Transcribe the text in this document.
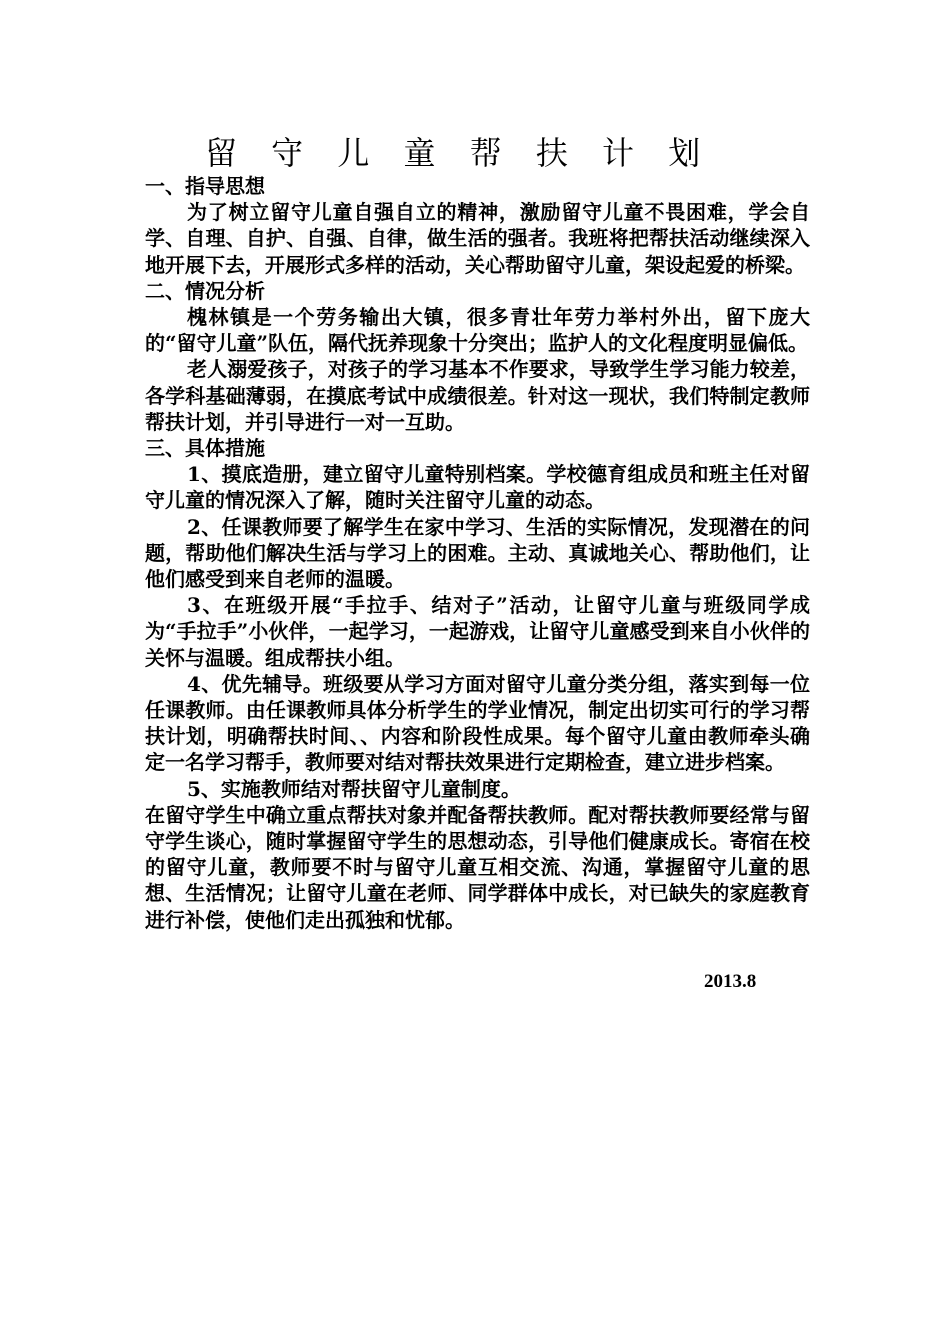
留 守 儿 童 帮 扶 计 划

一、指导思想

为了树立留守儿童自强自立的精神，激励留守儿童不畏困难，学会自学、自理、自护、自强、自律，做生活的强者。我班将把帮扶活动继续深入地开展下去，开展形式多样的活动，关心帮助留守儿童，架设起爱的桥梁。

二、情况分析

槐林镇是一个劳务输出大镇，很多青壮年劳力举村外出，留下庞大的“留守儿童”队伍，隔代抚养现象十分突出；监护人的文化程度明显偏低。

老人溺爱孩子，对孩子的学习基本不作要求，导致学生学习能力较差，各学科基础薄弱，在摸底考试中成绩很差。针对这一现状，我们特制定教师帮扶计划，并引导进行一对一互助。

三、具体措施

1、摸底造册，建立留守儿童特别档案。学校德育组成员和班主任对留守儿童的情况深入了解，随时关注留守儿童的动态。

2、任课教师要了解学生在家中学习、生活的实际情况，发现潜在的问题，帮助他们解决生活与学习上的困难。主动、真诚地关心、帮助他们，让他们感受到来自老师的温暖。

3、在班级开展“手拉手、结对子”活动，让留守儿童与班级同学成为“手拉手”小伙伴，一起学习，一起游戏，让留守儿童感受到来自小伙伴的关怀与温暖。组成帮扶小组。

4、优先辅导。班级要从学习方面对留守儿童分类分组，落实到每一位任课教师。由任课教师具体分析学生的学业情况，制定出切实可行的学习帮扶计划，明确帮扶时间、、内容和阶段性成果。每个留守儿童由教师牵头确定一名学习帮手，教师要对结对帮扶效果进行定期检查，建立进步档案。

5、实施教师结对帮扶留守儿童制度。

在留守学生中确立重点帮扶对象并配备帮扶教师。配对帮扶教师要经常与留守学生谈心，随时掌握留守学生的思想动态，引导他们健康成长。寄宿在校的留守儿童，教师要不时与留守儿童互相交流、沟通，掌握留守儿童的思想、生活情况；让留守儿童在老师、同学群体中成长，对已缺失的家庭教育进行补偿，使他们走出孤独和忧郁。

2013.8
